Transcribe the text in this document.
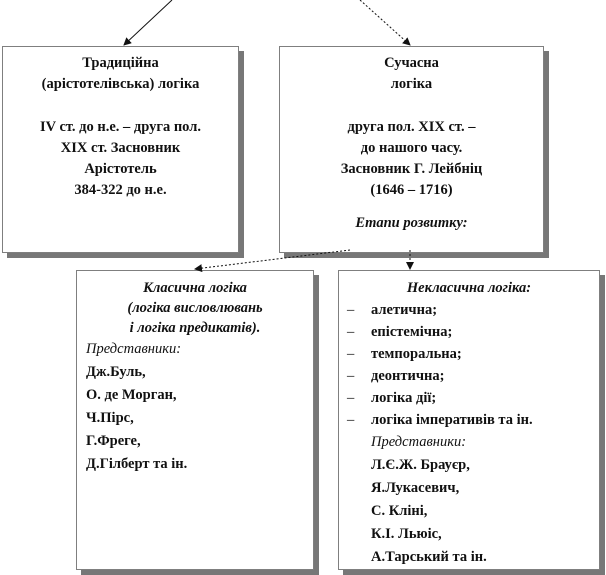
Традиційна
(арістотелівська) логіка
IV ст. до н.е. – друга пол.
XIX ст. Засновник
Арістотель
384-322 до н.е.
Сучасна
логіка
друга пол. XIX ст. –
до нашого часу.
Засновник Г. Лейбніц
(1646 – 1716)
Етапи розвитку:
Класична логіка
(логіка висловлювань
і логіка предикатів).
Представники:
Дж.Буль,
О. де Морган,
Ч.Пірс,
Г.Фреге,
Д.Гілберт та ін.
Некласична логіка:
–	алетична;
–	епістемічна;
–	темпоральна;
–	деонтична;
–	логіка дії;
–	логіка імперативів та ін.
Представники:
Л.Є.Ж. Брауєр,
Я.Лукасевич,
С. Кліні,
К.І. Льюіс,
А.Тарський та ін.
